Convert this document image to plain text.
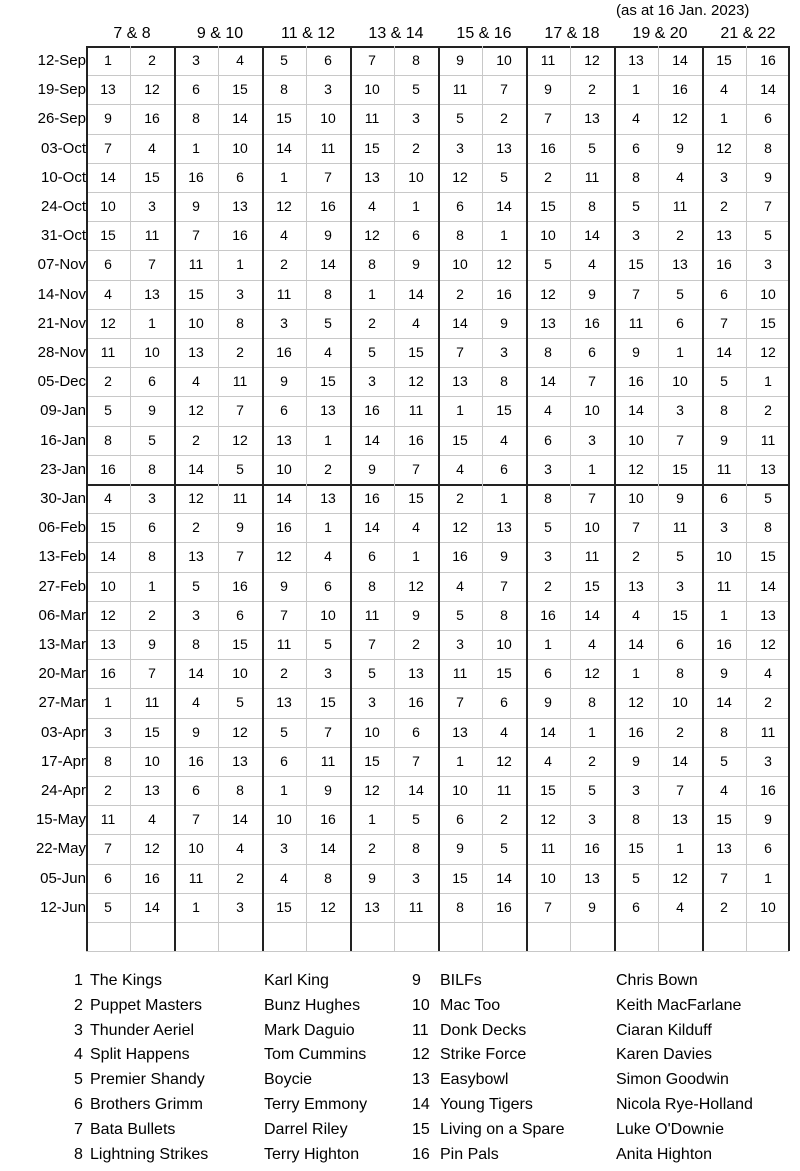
(as at 16 Jan. 2023)
7 & 8	9 & 10	11 & 12	13 & 14	15 & 16	17 & 18	19 & 20	21 & 22
12-Sep	1	2	3	4	5	6	7	8	9	10	11	12	13	14	15	16
19-Sep	13	12	6	15	8	3	10	5	11	7	9	2	1	16	4	14
26-Sep	9	16	8	14	15	10	11	3	5	2	7	13	4	12	1	6
03-Oct	7	4	1	10	14	11	15	2	3	13	16	5	6	9	12	8
10-Oct	14	15	16	6	1	7	13	10	12	5	2	11	8	4	3	9
24-Oct	10	3	9	13	12	16	4	1	6	14	15	8	5	11	2	7
31-Oct	15	11	7	16	4	9	12	6	8	1	10	14	3	2	13	5
07-Nov	6	7	11	1	2	14	8	9	10	12	5	4	15	13	16	3
14-Nov	4	13	15	3	11	8	1	14	2	16	12	9	7	5	6	10
21-Nov	12	1	10	8	3	5	2	4	14	9	13	16	11	6	7	15
28-Nov	11	10	13	2	16	4	5	15	7	3	8	6	9	1	14	12
05-Dec	2	6	4	11	9	15	3	12	13	8	14	7	16	10	5	1
09-Jan	5	9	12	7	6	13	16	11	1	15	4	10	14	3	8	2
16-Jan	8	5	2	12	13	1	14	16	15	4	6	3	10	7	9	11
23-Jan	16	8	14	5	10	2	9	7	4	6	3	1	12	15	11	13
30-Jan	4	3	12	11	14	13	16	15	2	1	8	7	10	9	6	5
06-Feb	15	6	2	9	16	1	14	4	12	13	5	10	7	11	3	8
13-Feb	14	8	13	7	12	4	6	1	16	9	3	11	2	5	10	15
27-Feb	10	1	5	16	9	6	8	12	4	7	2	15	13	3	11	14
06-Mar	12	2	3	6	7	10	11	9	5	8	16	14	4	15	1	13
13-Mar	13	9	8	15	11	5	7	2	3	10	1	4	14	6	16	12
20-Mar	16	7	14	10	2	3	5	13	11	15	6	12	1	8	9	4
27-Mar	1	11	4	5	13	15	3	16	7	6	9	8	12	10	14	2
03-Apr	3	15	9	12	5	7	10	6	13	4	14	1	16	2	8	11
17-Apr	8	10	16	13	6	11	15	7	1	12	4	2	9	14	5	3
24-Apr	2	13	6	8	1	9	12	14	10	11	15	5	3	7	4	16
15-May	11	4	7	14	10	16	1	5	6	2	12	3	8	13	15	9
22-May	7	12	10	4	3	14	2	8	9	5	11	16	15	1	13	6
05-Jun	6	16	11	2	4	8	9	3	15	14	10	13	5	12	7	1
12-Jun	5	14	1	3	15	12	13	11	8	16	7	9	6	4	2	10
1 The Kings	Karl King
2 Puppet Masters	Bunz Hughes
3 Thunder Aeriel	Mark Daguio
4 Split Happens	Tom Cummins
5 Premier Shandy	Boycie
6 Brothers Grimm	Terry Emmony
7 Bata Bullets	Darrel Riley
8 Lightning Strikes	Terry Highton
9 BILFs	Chris Bown
10 Mac Too	Keith MacFarlane
11 Donk Decks	Ciaran Kilduff
12 Strike Force	Karen Davies
13 Easybowl	Simon Goodwin
14 Young Tigers	Nicola Rye-Holland
15 Living on a Spare	Luke O'Downie
16 Pin Pals	Anita Highton
